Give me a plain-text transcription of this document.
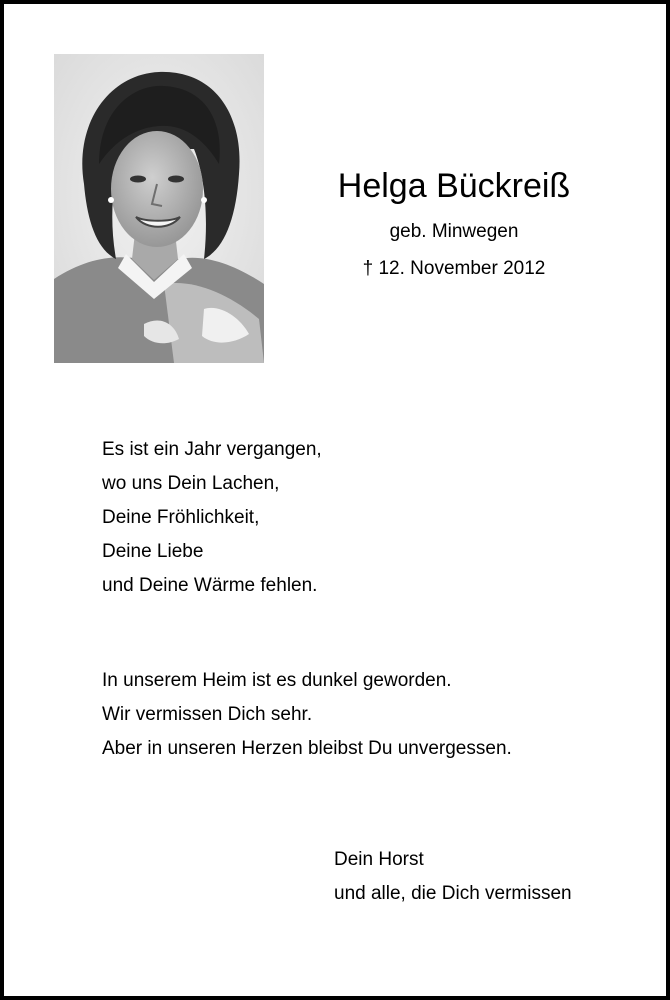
Helga Bückreiß
geb. Minwegen
† 12. November 2012
Es ist ein Jahr vergangen,
wo uns Dein Lachen,
Deine Fröhlichkeit,
Deine Liebe
und Deine Wärme fehlen.
In unserem Heim ist es dunkel geworden.
Wir vermissen Dich sehr.
Aber in unseren Herzen bleibst Du unvergessen.
Dein Horst
und alle, die Dich vermissen
